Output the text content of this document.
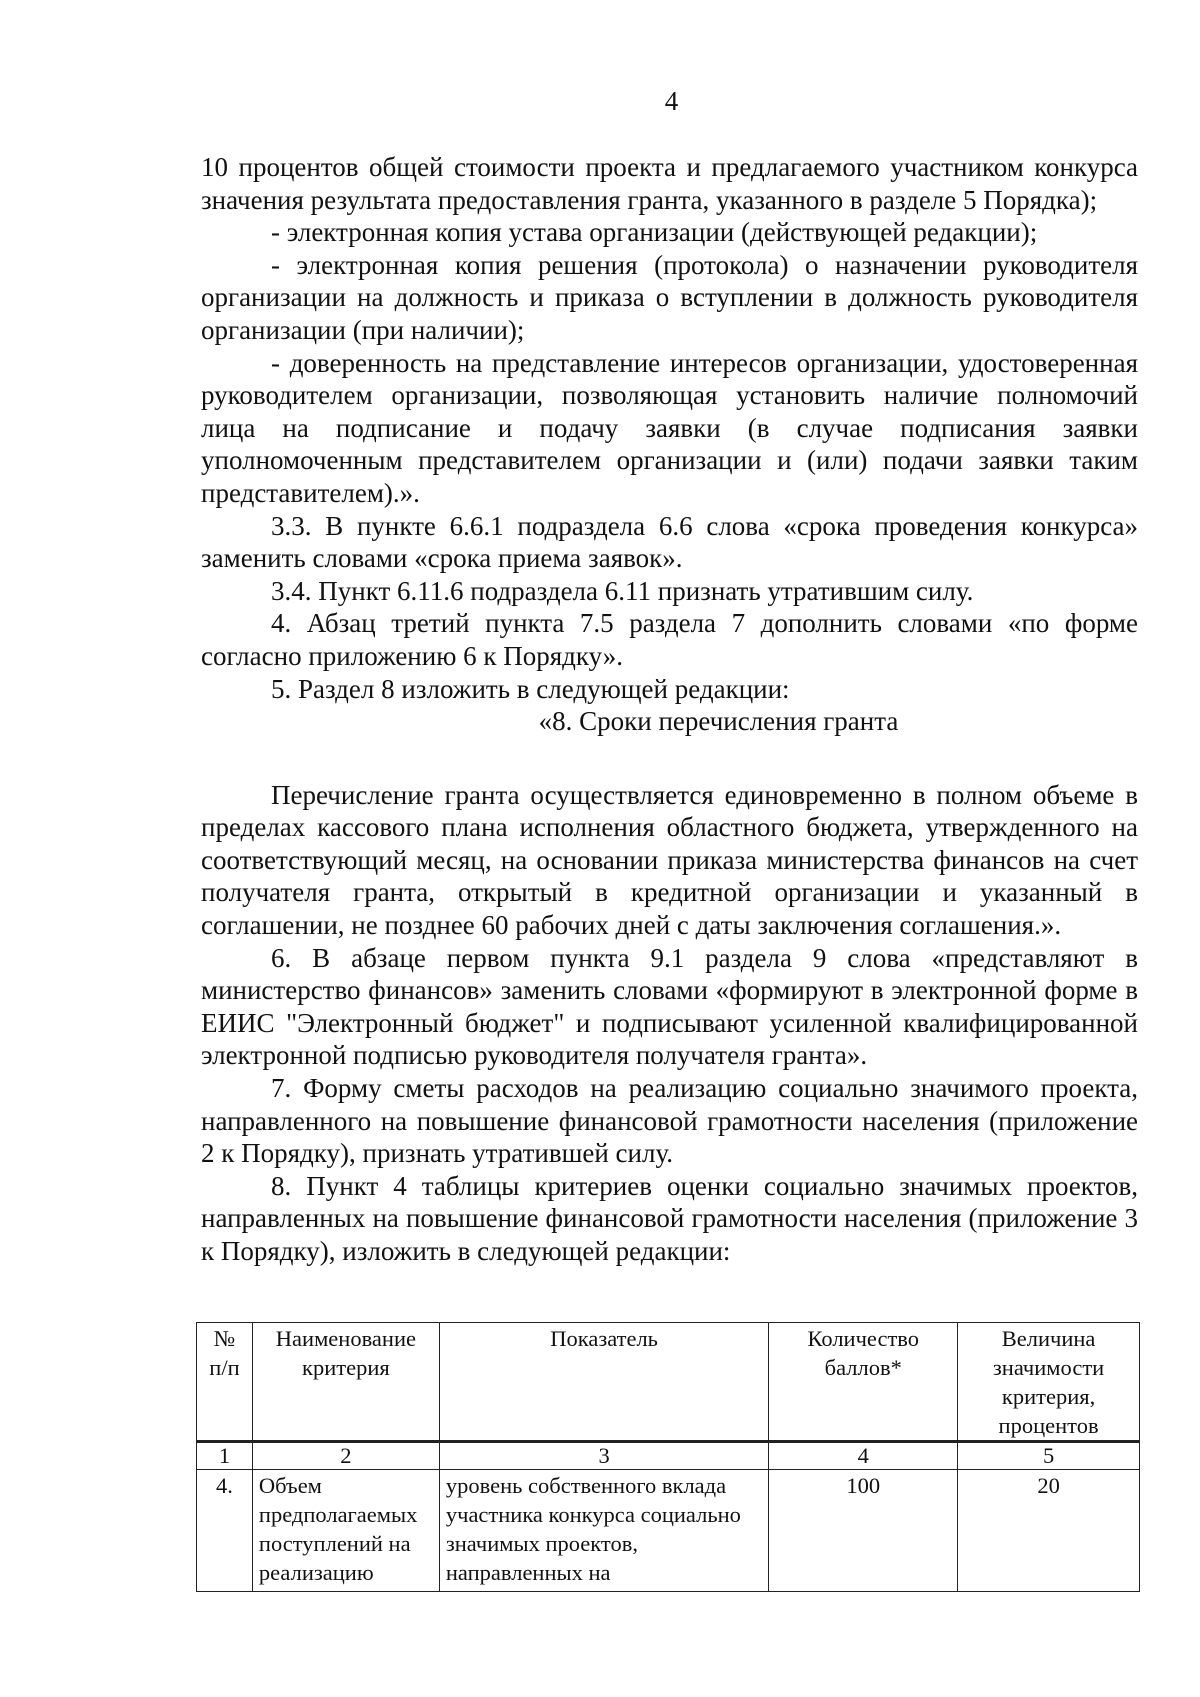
4

10 процентов общей стоимости проекта и предлагаемого участником конкурса значения результата предоставления гранта, указанного в разделе 5 Порядка);

- электронная копия устава организации (действующей редакции);

- электронная копия решения (протокола) о назначении руководителя организации на должность и приказа о вступлении в должность руководителя организации (при наличии);

- доверенность на представление интересов организации, удостоверенная руководителем организации, позволяющая установить наличие полномочий лица на подписание и подачу заявки (в случае подписания заявки уполномоченным представителем организации и (или) подачи заявки таким представителем).».

3.3. В пункте 6.6.1 подраздела 6.6 слова «срока проведения конкурса» заменить словами «срока приема заявок».

3.4. Пункт 6.11.6 подраздела 6.11 признать утратившим силу.

4. Абзац третий пункта 7.5 раздела 7 дополнить словами «по форме согласно приложению 6 к Порядку».

5. Раздел 8 изложить в следующей редакции:

«8. Сроки перечисления гранта

Перечисление гранта осуществляется единовременно в полном объеме в пределах кассового плана исполнения областного бюджета, утвержденного на соответствующий месяц, на основании приказа министерства финансов на счет получателя гранта, открытый в кредитной организации и указанный в соглашении, не позднее 60 рабочих дней с даты заключения соглашения.».

6. В абзаце первом пункта 9.1 раздела 9 слова «представляют в министерство финансов» заменить словами «формируют в электронной форме в ЕИИС "Электронный бюджет" и подписывают усиленной квалифицированной электронной подписью руководителя получателя гранта».

7. Форму сметы расходов на реализацию социально значимого проекта, направленного на повышение финансовой грамотности населения (приложение 2 к Порядку), признать утратившей силу.

8. Пункт 4 таблицы критериев оценки социально значимых проектов, направленных на повышение финансовой грамотности населения (приложение 3 к Порядку), изложить в следующей редакции:

№ п/п	Наименование критерия	Показатель	Количество баллов*	Величина значимости критерия, процентов
1	2	3	4	5
4.	Объем предполагаемых поступлений на реализацию	уровень собственного вклада участника конкурса социально значимых проектов, направленных на	100	20
